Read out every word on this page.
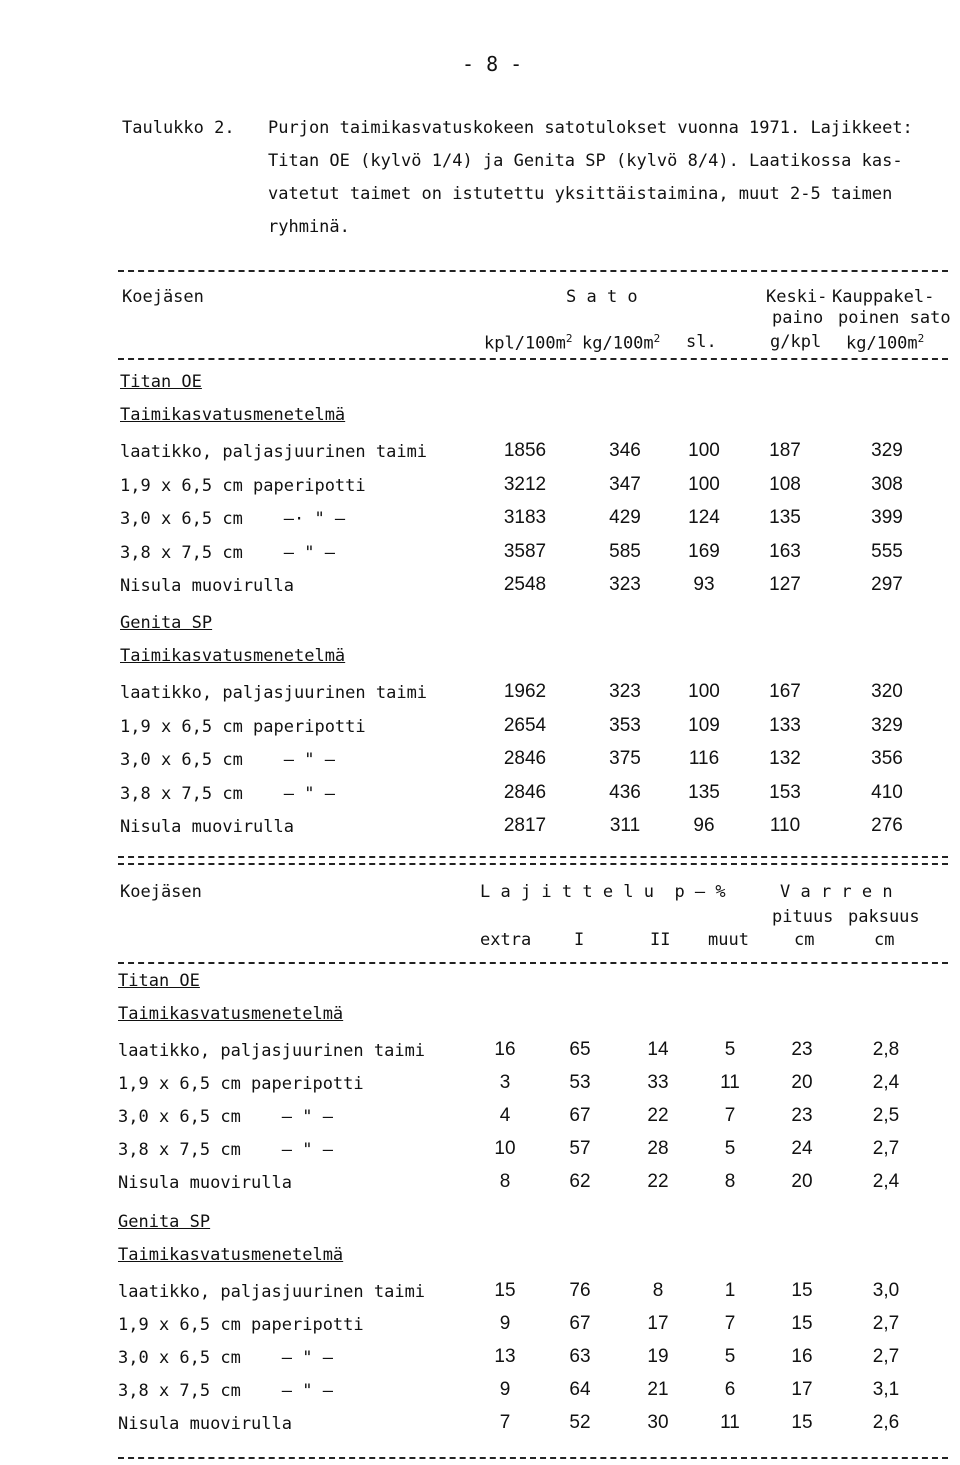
- 8 -
Taulukko 2. Purjon taimikasvatuskokeen satotulokset vuonna 1971. Lajikkeet:
Titan OE (kylvö 1/4) ja Genita SP (kylvö 8/4). Laatikossa kas-
vatetut taimet on istutettu yksittäistaimina, muut 2-5 taimen
ryhminä.
Koejäsen	S a t o	Keski- Kauppakel-
paino poinen sato
kpl/$100m^2$ $kg/100m^2$ sl.	g/kpl $kg/100m^2$
Titan OE
Taimikasvatusmenetelmä
laatikko, paljasjuurinen taimi	1856	346	100	187	329
1,9 x 6,5 cm paperipotti	3212	347	100	108	308
3,0 x 6,5 cm    –· " –	3183	429	124	135	399
3,8 x 7,5 cm    – " –	3587	585	169	163	555
Nisula muovirulla	2548	323	93	127	297
Genita SP
Taimikasvatusmenetelmä
laatikko, paljasjuurinen taimi	1962	323	100	167	320
1,9 x 6,5 cm paperipotti	2654	353	109	133	329
3,0 x 6,5 cm    – " –	2846	375	116	132	356
3,8 x 7,5 cm    – " –	2846	436	135	153	410
Nisula muovirulla	2817	311	96	110	276
Koejäsen	L a j i t t e l u  p – %	V a r r e n
pituus paksuus
extra	I	II muut	cm	cm
Titan OE
Taimikasvatusmenetelmä
laatikko, paljasjuurinen taimi	16	65	14	5	23	2,8
1,9 x 6,5 cm paperipotti	3	53	33	11	20	2,4
3,0 x 6,5 cm    – " –	4	67	22	7	23	2,5
3,8 x 7,5 cm    – " –	10	57	28	5	24	2,7
Nisula muovirulla	8	62	22	8	20	2,4
Genita SP
Taimikasvatusmenetelmä
laatikko, paljasjuurinen taimi	15	76	8	1	15	3,0
1,9 x 6,5 cm paperipotti	9	67	17	7	15	2,7
3,0 x 6,5 cm    – " –	13	63	19	5	16	2,7
3,8 x 7,5 cm    – " –	9	64	21	6	17	3,1
Nisula muovirulla	7	52	30	11	15	2,6
